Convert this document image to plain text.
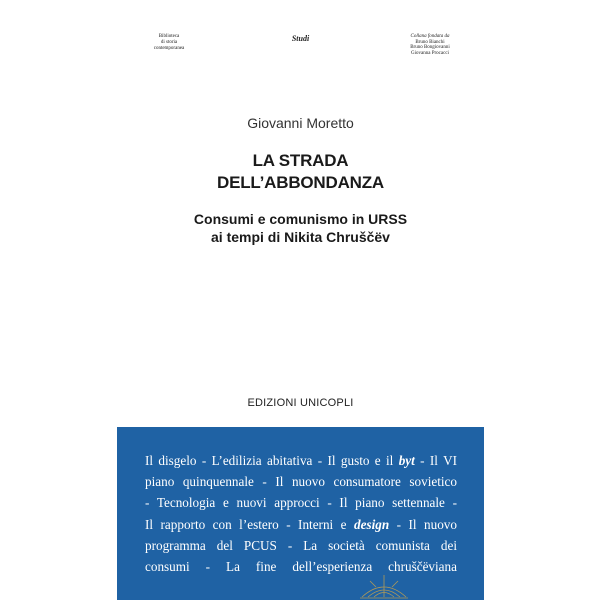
Biblioteca
di storia
contemporanea
Studi	Collana fondata da
Bruno Bianchi
Bruno Bongiovanni
Giovanna Procacci
Giovanni Moretto
LA STRADA
DELL’ABBONDANZA
Consumi e comunismo in URSS
ai tempi di Nikita Chruščëv
EDIZIONI UNICOPLI
Il disgelo - L’edilizia abitativa - Il gusto e il byt - Il VI
piano quinquennale - Il nuovo consumatore sovietico
- Tecnologia e nuovi approcci - Il piano settennale -
Il rapporto con l’estero - Interni e design - Il nuovo
programma del PCUS - La società comunista dei
consumi - La fine dell’esperienza chruščëviana
